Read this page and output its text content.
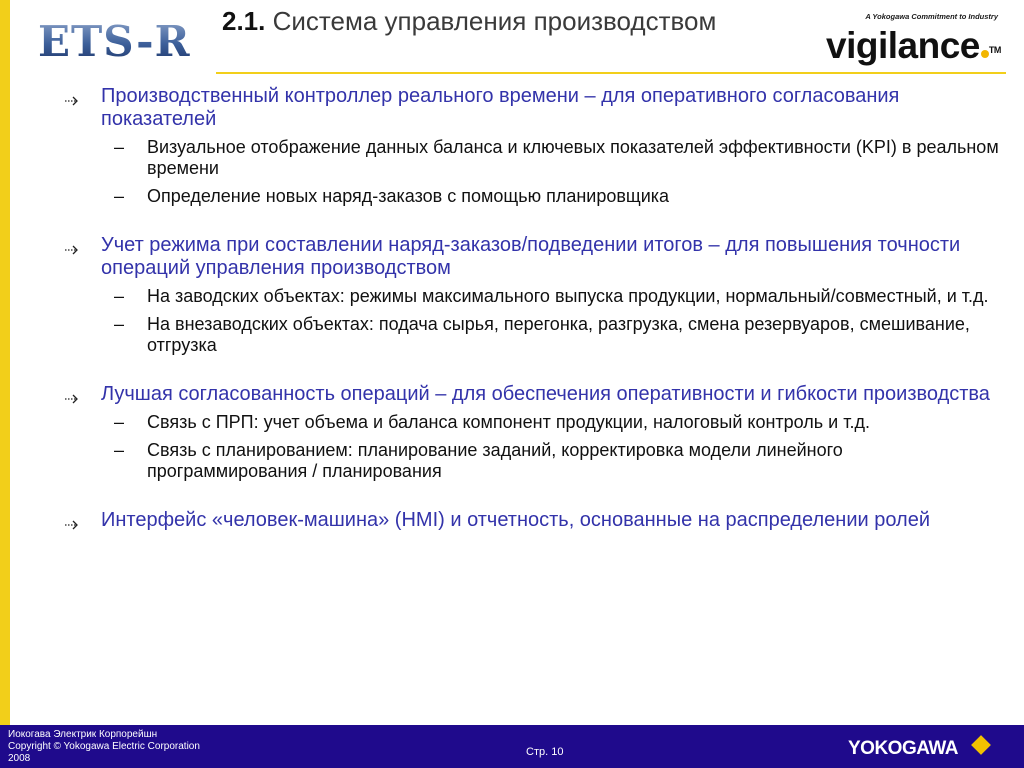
ETS-R 2.1. Система управления производством	A Yokogawa Commitment to Industry
vigilance ™
Производственный контроллер реального времени – для оперативного согласования показателей
– Визуальное отображение данных баланса и ключевых показателей эффективности (KPI) в реальном времени
– Определение новых наряд-заказов с помощью планировщика
Учет режима при составлении наряд-заказов/подведении итогов – для повышения точности операций управления производством
– На заводских объектах: режимы максимального выпуска продукции, нормальный/совместный, и т.д.
– На внезаводских объектах: подача сырья, перегонка, разгрузка, смена резервуаров, смешивание, отгрузка
Лучшая согласованность операций – для обеспечения оперативности и гибкости производства
– Связь с ПРП: учет объема и баланса компонент продукции, налоговый контроль и т.д.
– Связь с планированием: планирование заданий, корректировка модели линейного программирования / планирования
Интерфейс «человек-машина» (HMI) и отчетность, основанные на распределении ролей
Иокогава Электрик Корпорейшн
Copyright © Yokogawa Electric Corporation
2008
Стр. 10	YOKOGAWA
